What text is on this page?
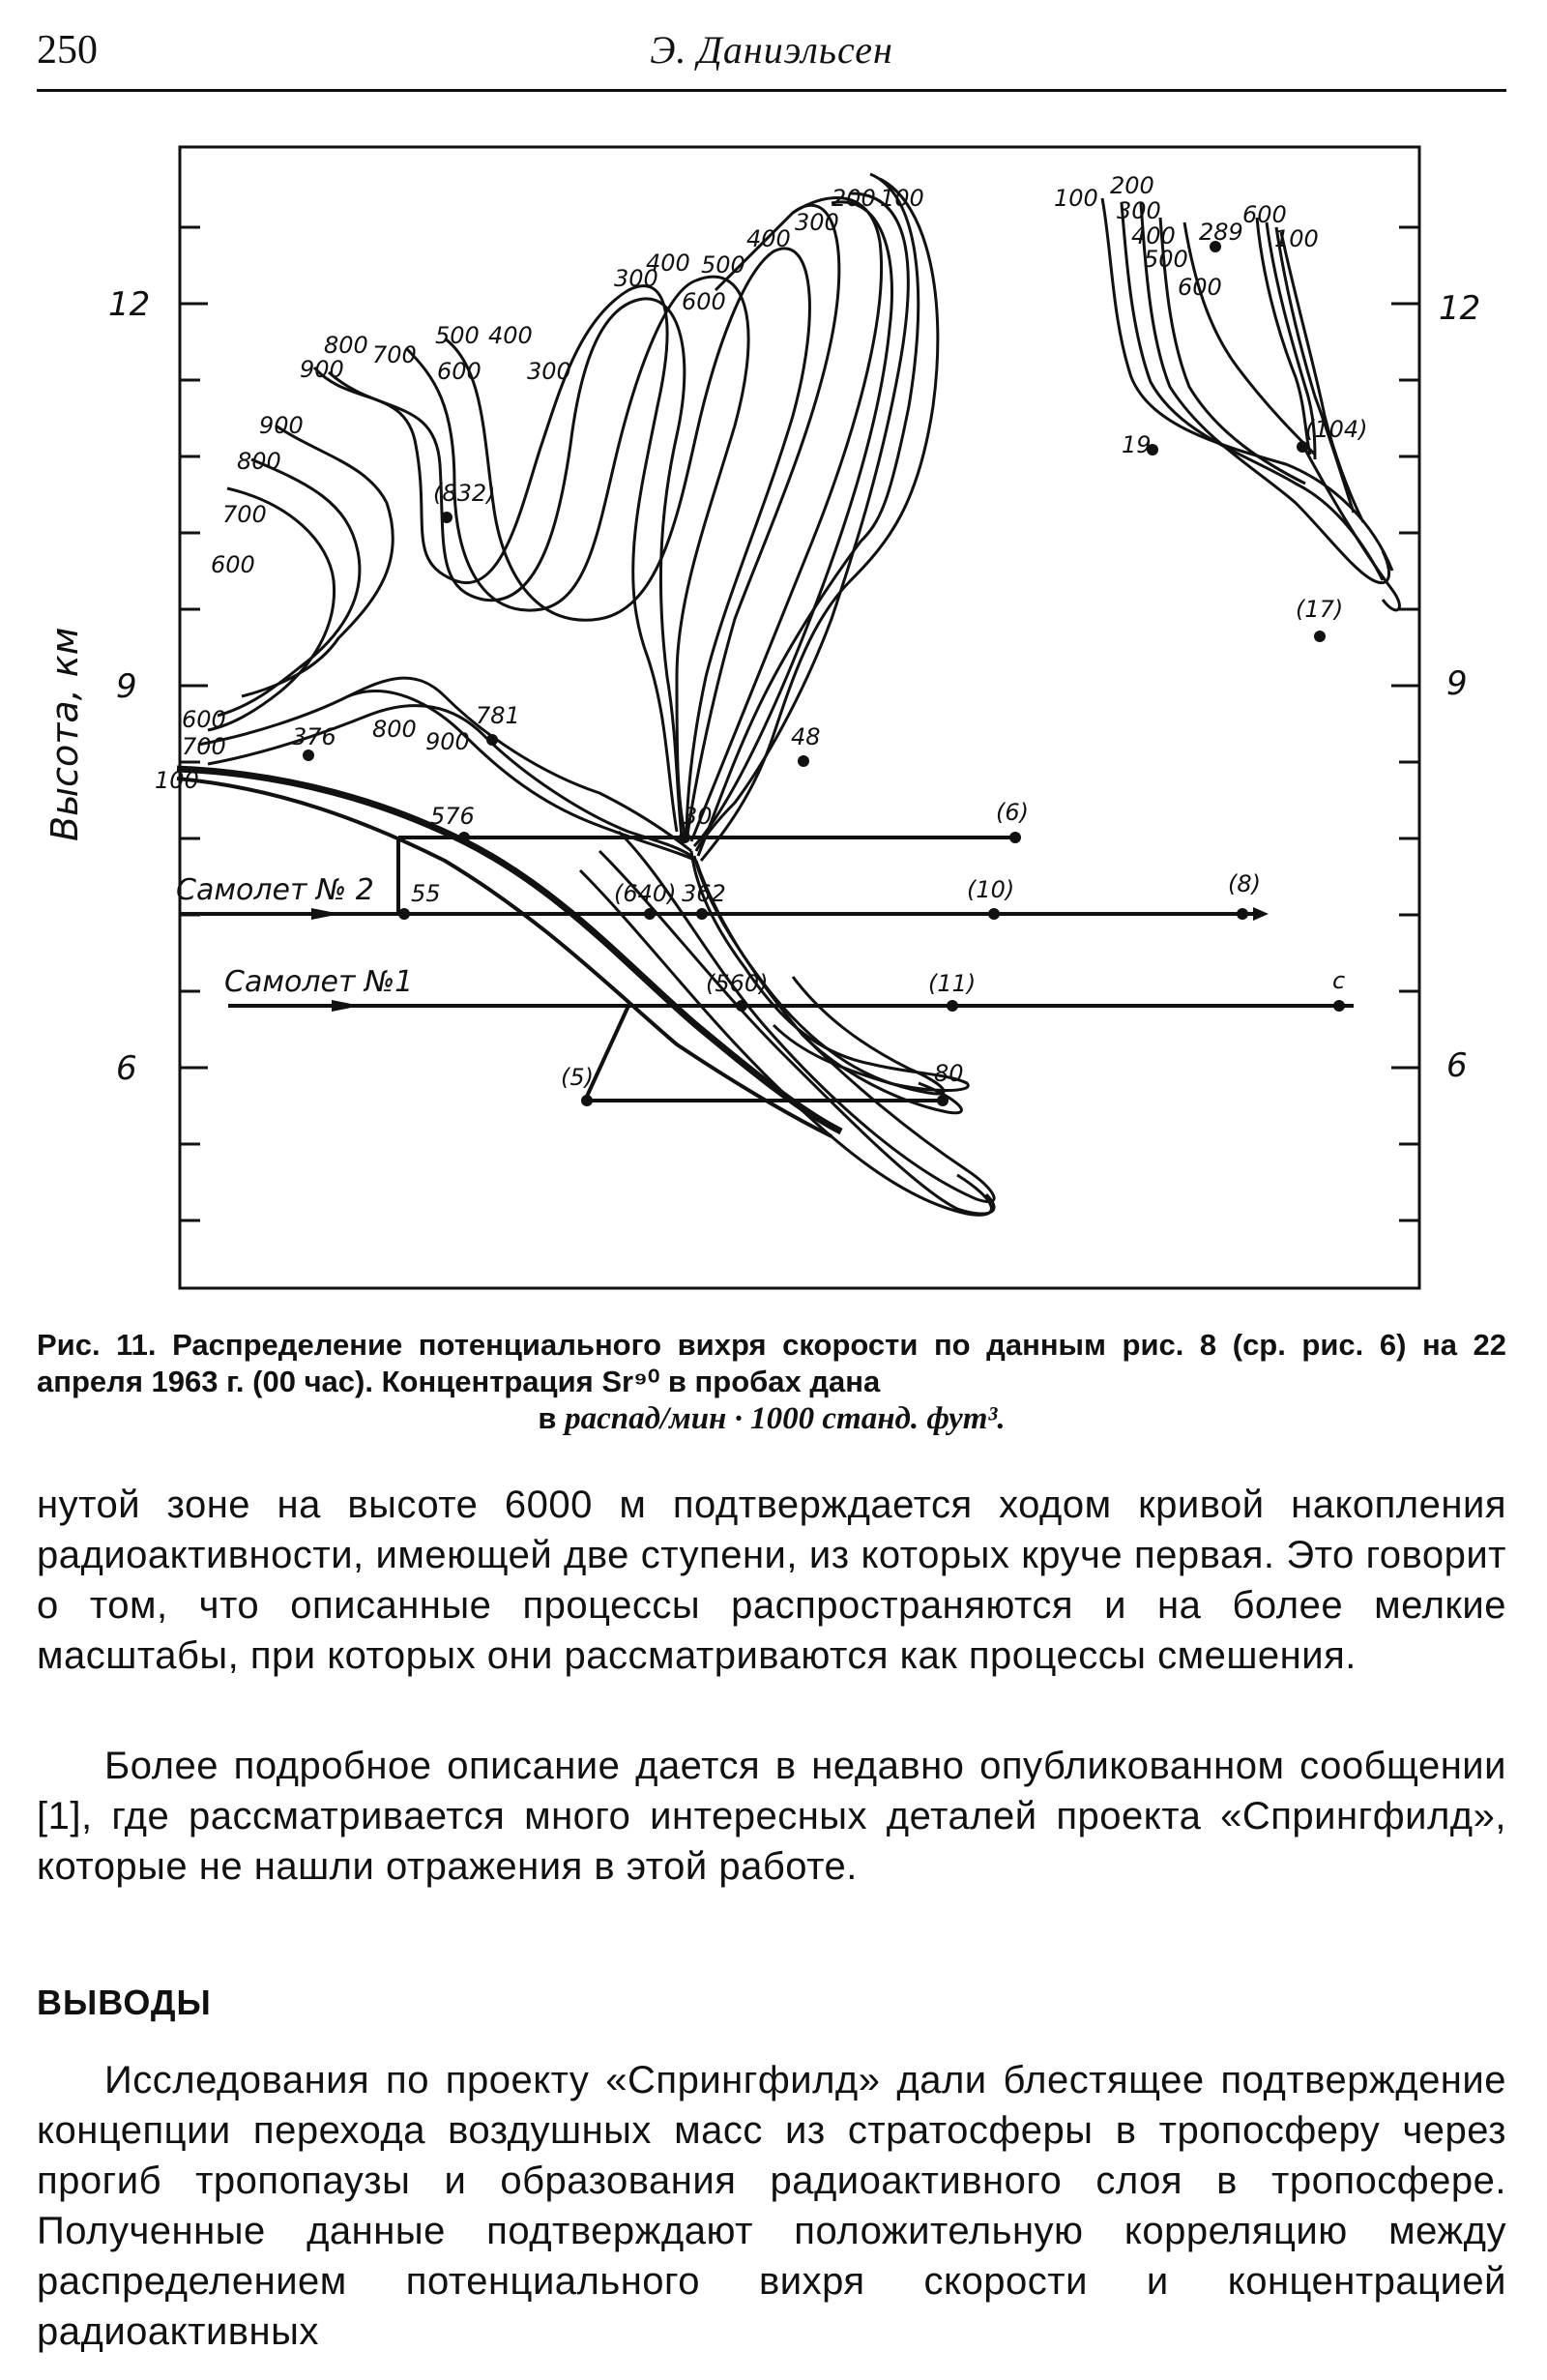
250	Э. Даниэльсен
12
9
6
12
9
6
Высота, км
200 100
400
300
300
400 500
600
800 700
900
500 400
600 300
900
800
700
600
600
700
100
800 900
100 200
300
400
500
600
600
100
(832)
376
781
48
576	30	(6)
55	(640) 362	(10)	(8)
(560)	(11)	c
(5)	80
289
19
(104)
(17)
Самолет № 2
Самолет №1
Рис. 11. Распределение потенциального вихря скорости по данным рис. 8 (ср. рис. 6) на 22 апреля 1963 г. (00 час). Концентрация Sr⁹⁰ в пробах дана
в распад/мин · 1000 станд. фут³.
нутой зоне на высоте 6000 м подтверждается ходом кривой накопления радиоактивности, имеющей две ступени, из которых круче первая. Это говорит о том, что описанные процессы распространяются и на более мелкие масштабы, при которых они рассматриваются как процессы смешения.
Более подробное описание дается в недавно опубликованном сообщении [1], где рассматривается много интересных деталей проекта «Спрингфилд», которые не нашли отражения в этой работе.
ВЫВОДЫ
Исследования по проекту «Спрингфилд» дали блестящее подтверждение концепции перехода воздушных масс из стратосферы в тропосферу через прогиб тропопаузы и образования радиоактивного слоя в тропосфере. Полученные данные подтверждают положительную корреляцию между распределением потенциального вихря скорости и концентрацией радиоактивных
